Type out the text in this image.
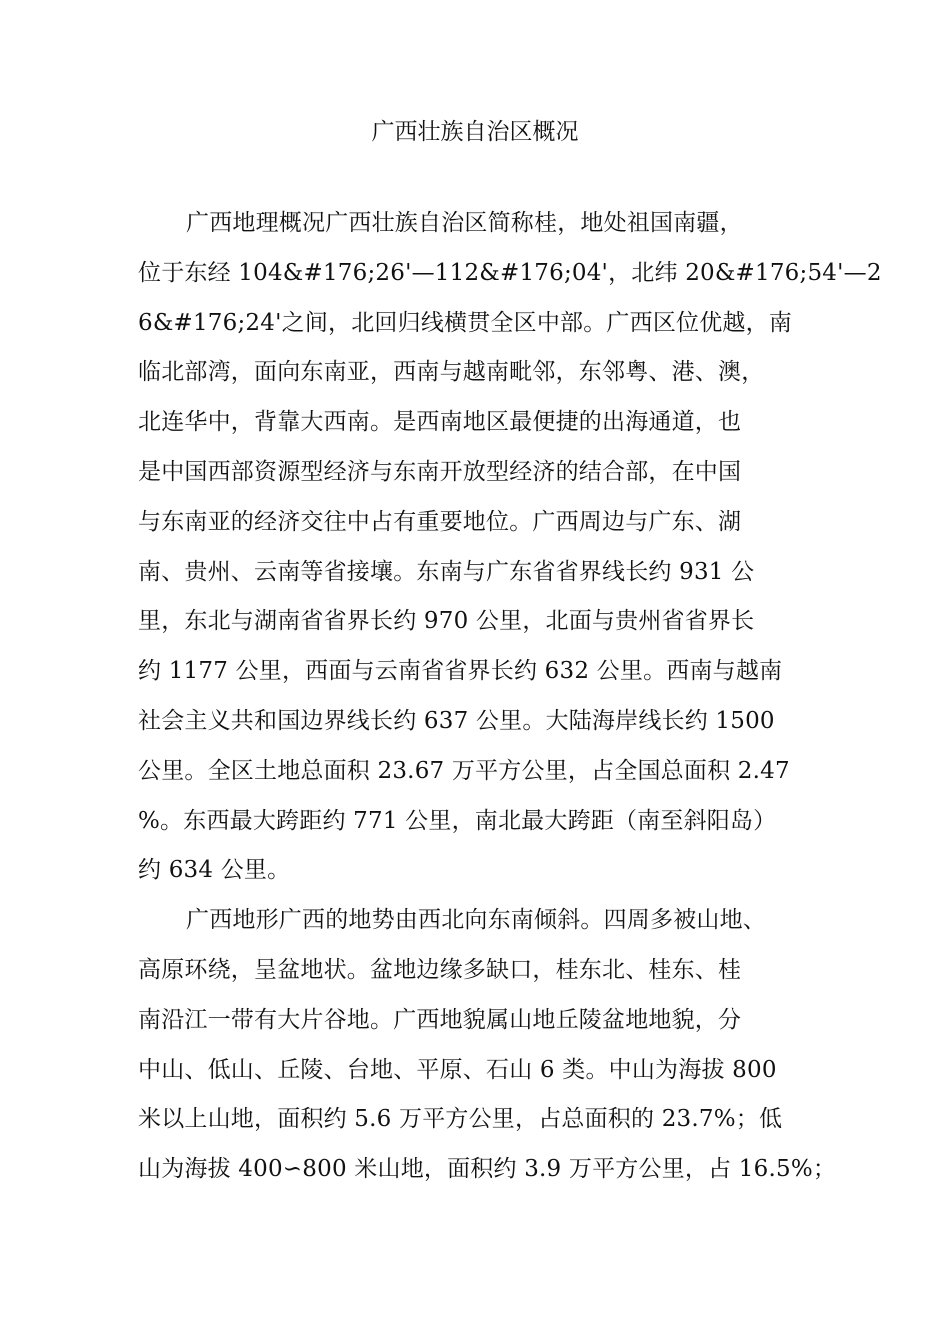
广西壮族自治区概况
广西地理概况广西壮族自治区简称桂，地处祖国南疆，
位于东经 104&#176;26'—112&#176;04'，北纬 20&#176;54'—2
6&#176;24'之间，北回归线横贯全区中部。广西区位优越，南
临北部湾，面向东南亚，西南与越南毗邻，东邻粤、港、澳，
北连华中，背靠大西南。是西南地区最便捷的出海通道，也
是中国西部资源型经济与东南开放型经济的结合部，在中国
与东南亚的经济交往中占有重要地位。广西周边与广东、湖
南、贵州、云南等省接壤。东南与广东省省界线长约 931 公
里，东北与湖南省省界长约 970 公里，北面与贵州省省界长
约 1177 公里，西面与云南省省界长约 632 公里。西南与越南
社会主义共和国边界线长约 637 公里。大陆海岸线长约 1500
公里。全区土地总面积 23.67 万平方公里，占全国总面积 2.47
%。东西最大跨距约 771 公里，南北最大跨距（南至斜阳岛）
约 634 公里。
广西地形广西的地势由西北向东南倾斜。四周多被山地、
高原环绕，呈盆地状。盆地边缘多缺口，桂东北、桂东、桂
南沿江一带有大片谷地。广西地貌属山地丘陵盆地地貌，分
中山、低山、丘陵、台地、平原、石山 6 类。中山为海拔 800
米以上山地，面积约 5.6 万平方公里，占总面积的 23.7%；低
山为海拔 400∽800 米山地，面积约 3.9 万平方公里，占 16.5%；
